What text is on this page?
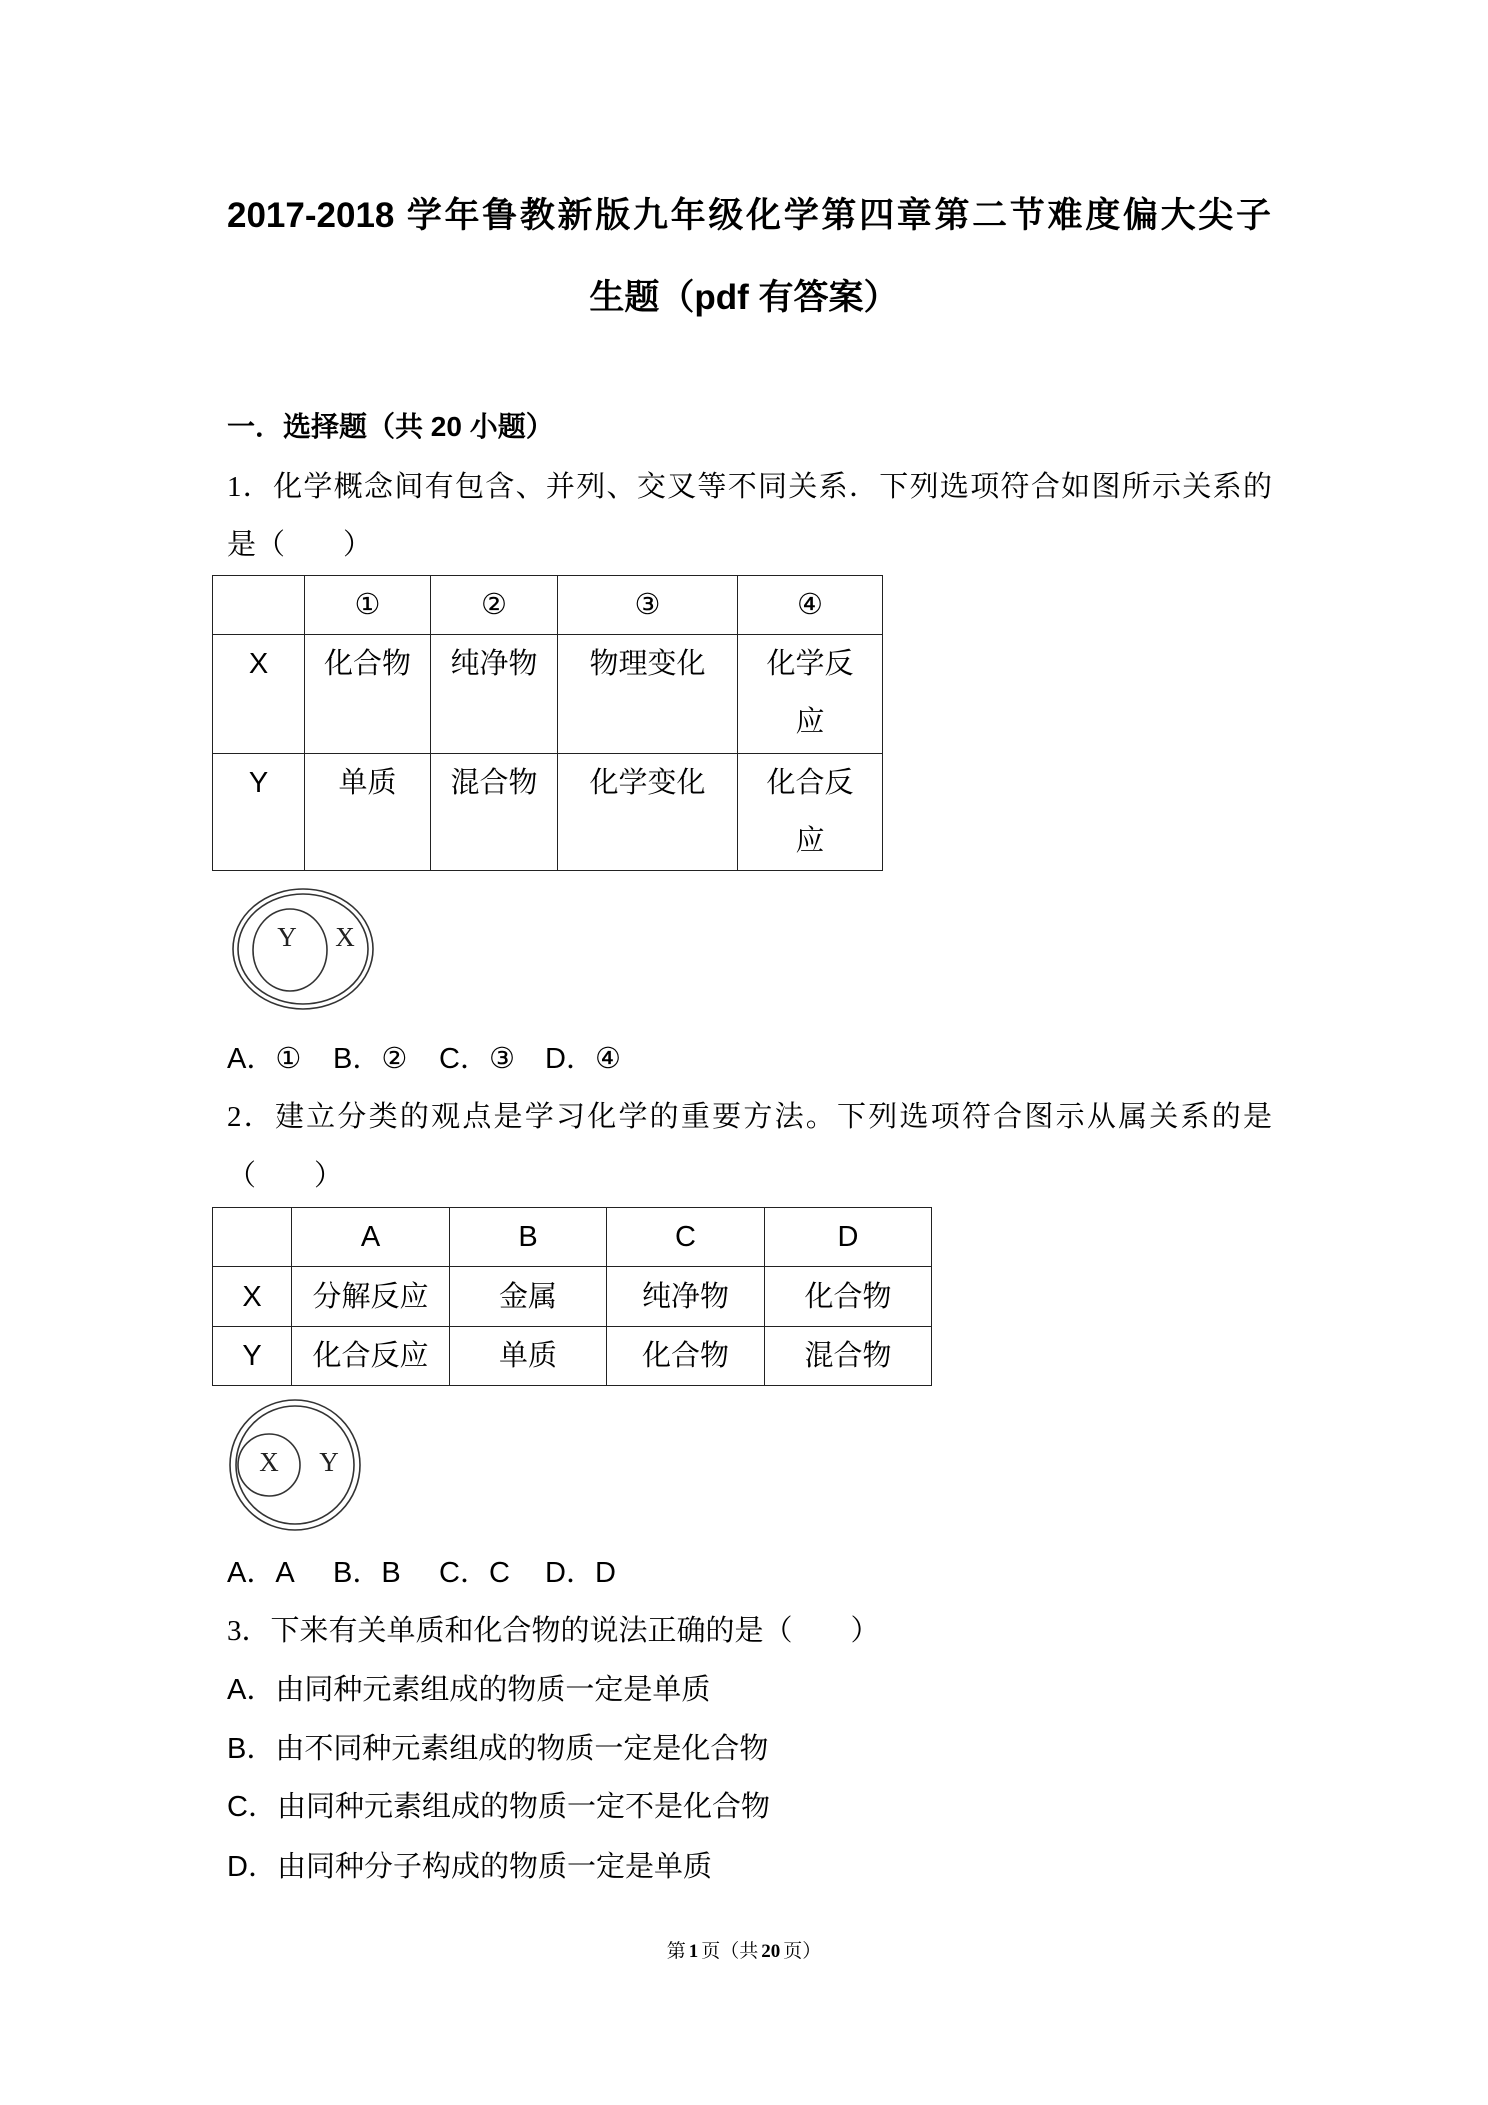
2017-2018 学年鲁教新版九年级化学第四章第二节难度偏大尖子
生题（pdf 有答案）
一．选择题（共 20 小题）
1．化学概念间有包含、并列、交叉等不同关系．下列选项符合如图所示关系的
是（　　）
	①	②	③	④
X	化合物	纯净物	物理变化	化学反应
Y	单质	混合物	化学变化	化合反应
Y X
A．① B．② C．③ D．④
2．建立分类的观点是学习化学的重要方法。下列选项符合图示从属关系的是
（　　）
	A	B	C	D
X	分解反应	金属	纯净物	化合物
Y	化合反应	单质	化合物	混合物
X Y
A．A B．B C．C D．D
3．下来有关单质和化合物的说法正确的是（　　）
A．由同种元素组成的物质一定是单质
B．由不同种元素组成的物质一定是化合物
C．由同种元素组成的物质一定不是化合物
D．由同种分子构成的物质一定是单质
第 1 页（共 20 页）
